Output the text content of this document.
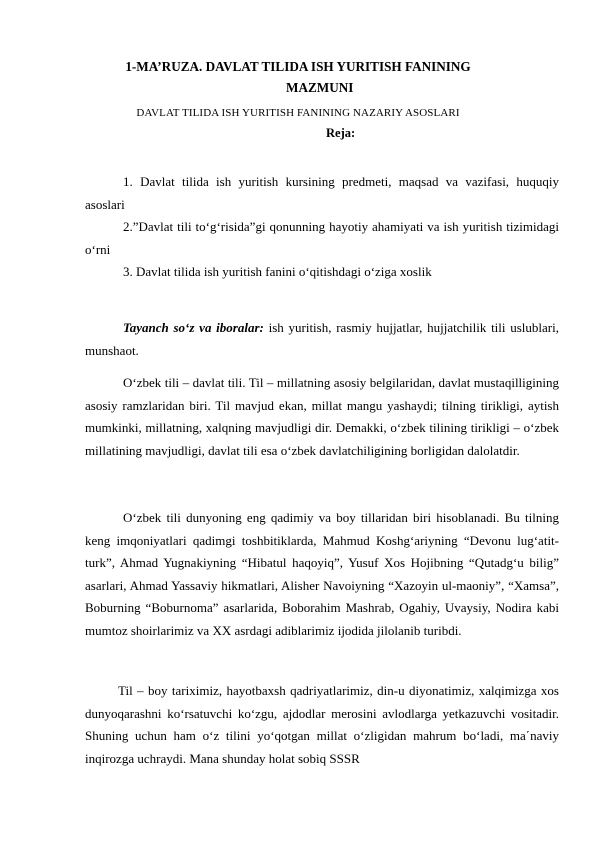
1-MA’RUZA. DAVLAT TILIDA ISH YURITISH FANINING
MAZMUNI
DAVLAT TILIDA ISH YURITISH FANINING NAZARIY ASOSLARI
Reja:
1. Davlat tilida ish yuritish kursining predmeti, maqsad va vazifasi, huquqiy asoslari
2.”Davlat tili to‘g‘risida”gi qonunning hayotiy ahamiyati va ish yuritish tizimidagi o‘rni
3. Davlat tilida ish yuritish fanini o‘qitishdagi o‘ziga xoslik
Tayanch so‘z va iboralar: ish yuritish, rasmiy hujjatlar, hujjatchilik tili uslublari, munshaot.
O‘zbek tili – davlat tili. Til – millatning asosiy belgilaridan, davlat mustaqilligining asosiy ramzlaridan biri. Til mavjud ekan, millat mangu yashaydi; tilning tirikligi, aytish mumkinki, millatning, xalqning mavjudligi dir. Demakki, o‘zbek tilining tirikligi – o‘zbek millatining mavjudligi, davlat tili esa o‘zbek davlatchiligining borligidan dalolatdir.
O‘zbek tili dunyoning eng qadimiy va boy tillaridan biri hisoblanadi. Bu tilning keng imqoniyatlari qadimgi toshbitiklarda, Mahmud Koshg‘ariyning “Devonu lug‘atit-turk”, Ahmad Yugnakiyning “Hibatul haqoyiq”, Yusuf Xos Hojibning “Qutadg‘u bilig” asarlari, Ahmad Yassaviy hikmatlari, Alisher Navoiyning “Xazoyin ul-maoniy”, “Xamsa”, Boburning “Boburnoma” asarlarida, Boborahim Mashrab, Ogahiy, Uvaysiy, Nodira kabi mumtoz shoirlarimiz va XX asrdagi adiblarimiz ijodida jilolanib turibdi.
Til – boy tariximiz, hayotbaxsh qadriyatlarimiz, din-u diyonatimiz, xalqimizga xos dunyoqarashni ko‘rsatuvchi ko‘zgu, ajdodlar merosini avlodlarga yetkazuvchi vositadir. Shuning uchun ham o‘z tilini yo‘qotgan millat o‘zligidan mahrum bo‘ladi, ma΄naviy inqirozga uchraydi. Mana shunday holat sobiq SSSR
